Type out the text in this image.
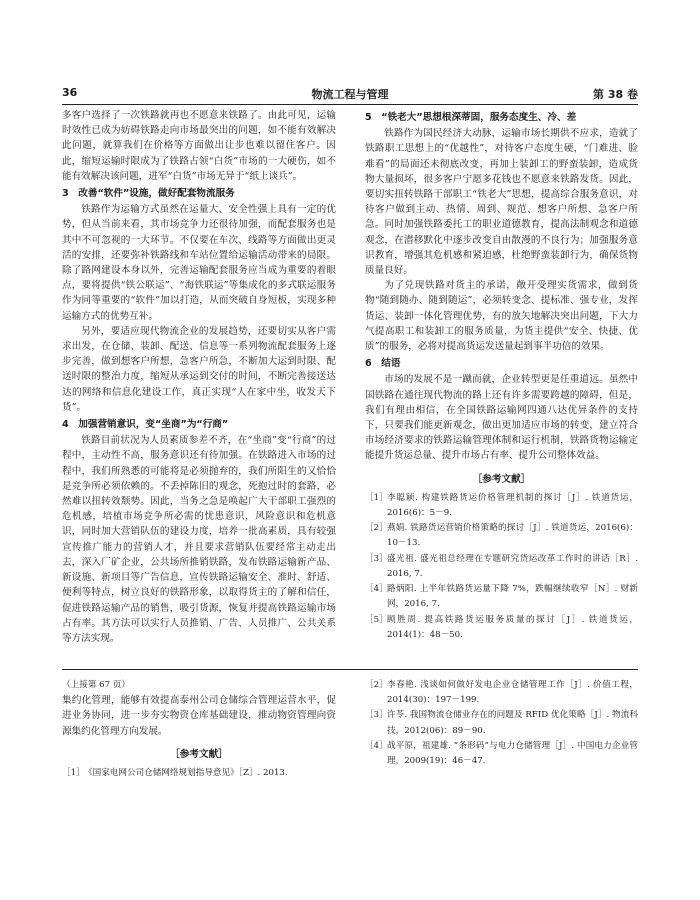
36	物流工程与管理	第 38 卷

多客户选择了一次铁路就再也不愿意来铁路了。由此可见，运输时效性已成为妨碍铁路走向市场最突出的问题，如不能有效解决此问题，就算我们在价格等方面做出让步也难以留住客户。因此，缩短运输时限成为了铁路占领“白货”市场的一大硬伤，如不能有效解决该问题，进军“白货”市场无异于“纸上谈兵”。

3　改善“软件”设施，做好配套物流服务

铁路作为运输方式虽然在运量大、安全性强上具有一定的优势，但从当前来看，其市场竞争力还很待加强，而配套服务也是其中不可忽视的一大环节。不仅要在车次、线路等方面做出更灵活的安排，还要弥补铁路线和车站位置给运输活动带来的局限。除了路网建设本身以外，完善运输配套服务应当成为重要的着眼点，要将提供“铁公联运”、“海铁联运”等集成化的多式联运服务作为同等重要的“软件”加以打造，从而突破自身短板，实现多种运输方式的优势互补。

另外，要适应现代物流企业的发展趋势，还要切实从客户需求出发，在仓储、装卸、配送、信息等一系列物流配套服务上逐步完善，做到想客户所想，急客户所急，不断加大运到时限、配送时限的整治力度，缩短从承运到交付的时间，不断完善接送达达的网络和信息化建设工作，真正实现“人在家中坐，收发天下货”。

4　加强营销意识，变“坐商”为“行商”

铁路目前状况为人员素质参差不齐，在“坐商”变“行商”的过程中，主动性不高，服务意识还有待加强。在铁路进入市场的过程中，我们所熟悉的可能将是必须抛弃的，我们所阳生的又恰恰是竞争所必须依赖的。不丢掉陈旧的观念，死抱过时的套路，必然难以扭转效颓势。因此，当务之急是唤起广大干部职工强烈的危机感，培植市场竞争所必需的忧患意识，风险意识和危机意识，同时加大营销队伍的建设力度，培养一批高素质，具有较强宣传推广能力的营销人才，并且要求营销队伍要经常主动走出去，深入厂矿企业，公共场所推销铁路，发布铁路运输新产品、新设施、新项目等广告信息，宣传铁路运输安全、准时、舒适、便利等特点，树立良好的铁路形象，以取得货主的了解和信任，促进铁路运输产品的销售，吸引货源，恢复并提高铁路运输市场占有率。其方法可以实行人员推销、广告、人员推广、公共关系等方法实现。

5　“铁老大”思想根深蒂固，服务态度生、冷、差

铁路作为国民经济大动脉，运输市场长期供不应求，造就了铁路职工思想上的“优越性”，对待客户态度生硬，“门难进、脸难看”的局面还未彻底改变，再加上装卸工的野蛮装卸，造成货物大量损坏，很多客户宁愿多花钱也不愿意来铁路发货。因此，要切实扭转铁路干部职工“铁老大”思想，提高综合服务意识，对待客户做到主动、热情、周到、规范、想客户所想、急客户所急。同时加强铁路委托工的职业道德教育，提高法制观念和道德观念，在潜移默化中逐步改变自由散漫的不良行为；加强服务意识教育，增强其危机感和紧迫感，杜绝野蛮装卸行为，确保货物质量良好。

为了兑现铁路对货主的承诺，敞开受理实货需求，做到货物“随到随办、随到随运”，必须转变念、提标准、强专业，发挥货运、装卸一体化管理优势，有的放矢地解决突出问题，下大力气提高职工和装卸工的服务质量，为货主提供“安全、快捷、优质”的服务，必将对提高货运发送量起到事半功倍的效果。

6　结语

市场的发展不是一蹴而就，企业转型更是任重道远。虽然中国铁路在通往现代物流的路上还有许多需要跨越的障碍，但是，我们有理由相信，在全国铁路运输网四通八达优异条件的支持下，只要我们能更新观念，做出更加适应市场的转变，建立符合市场经济要求的铁路运输管理体制和运行机制，铁路货物运输定能提升货运总量、提升市场占有率、提升公司整体效益。

［参考文献］
［1］ 李聪颖. 构建铁路货运价格管理机制的探讨［J］. 铁道货运，2016(6)：5－9.
［2］ 燕娟. 铁路货运营销价格策略的探讨［J］. 铁道货运，2016(6)：10－13.
［3］ 盛光祖. 盛光祖总经理在专题研究货运改革工作时的讲话［R］. 2016, 7.
［4］ 路炳阳. 上半年铁路货运量下降 7%，跌幅继续收窄［N］. 财新网，2016, 7.
［5］ 顾胜周. 提高铁路货运服务质量的探讨［J］. 铁道货运，2014(1)：48－50.

（上接第 67 页）

集约化管理，能够有效提高泰州公司仓储综合管理运营水平，促进业务协同，进一步夯实物资仓库基础建设，推动物资管理向资源集约化管理方向发展。

［参考文献］
［1］ 《国家电网公司仓储网络规划指导意见》［Z］. 2013.
［2］ 李春艳. 浅谈如何做好发电企业仓储管理工作［J］. 价值工程，2014(30)：197－199.
［3］ 许苓. 我国物流仓储业存在的问题及 RFID 优化策略［J］. 物流科技，2012(06)：89－90.
［4］ 战平原，祖建雄. “条形码”与电力仓储管理［J］. 中国电力企业管理，2009(19)：46－47.
